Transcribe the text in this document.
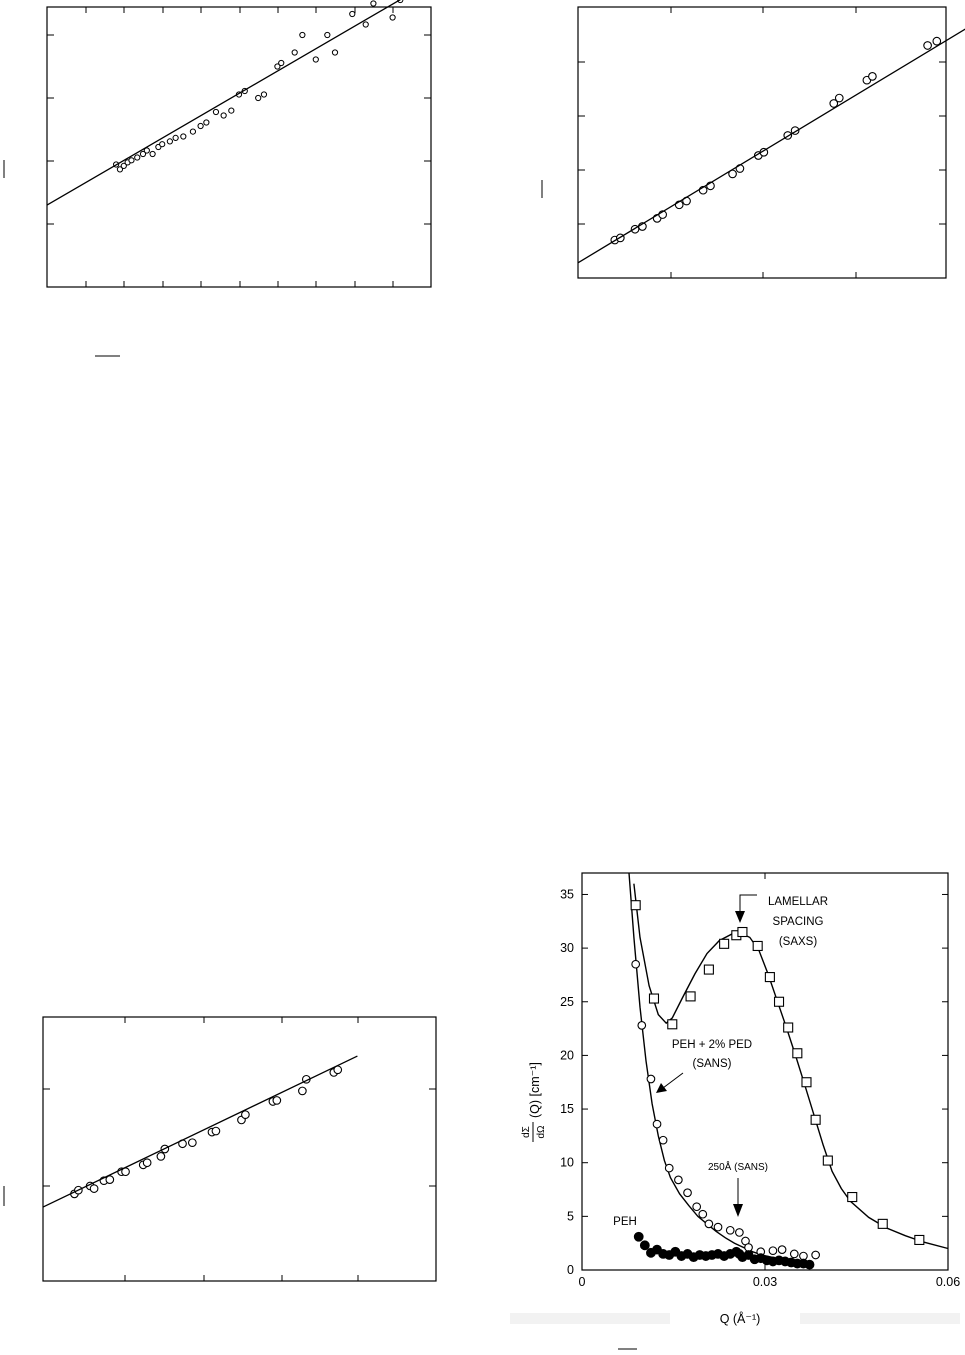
0	0.03	0.06
0
5
10
15
20
25
30
35
Q (Å⁻¹)
dΣ dΩ
(Q) [cm⁻¹]
LAMELLAR
SPACING
(SAXS)
PEH + 2% PED
(SANS)
250Å (SANS)
PEH
